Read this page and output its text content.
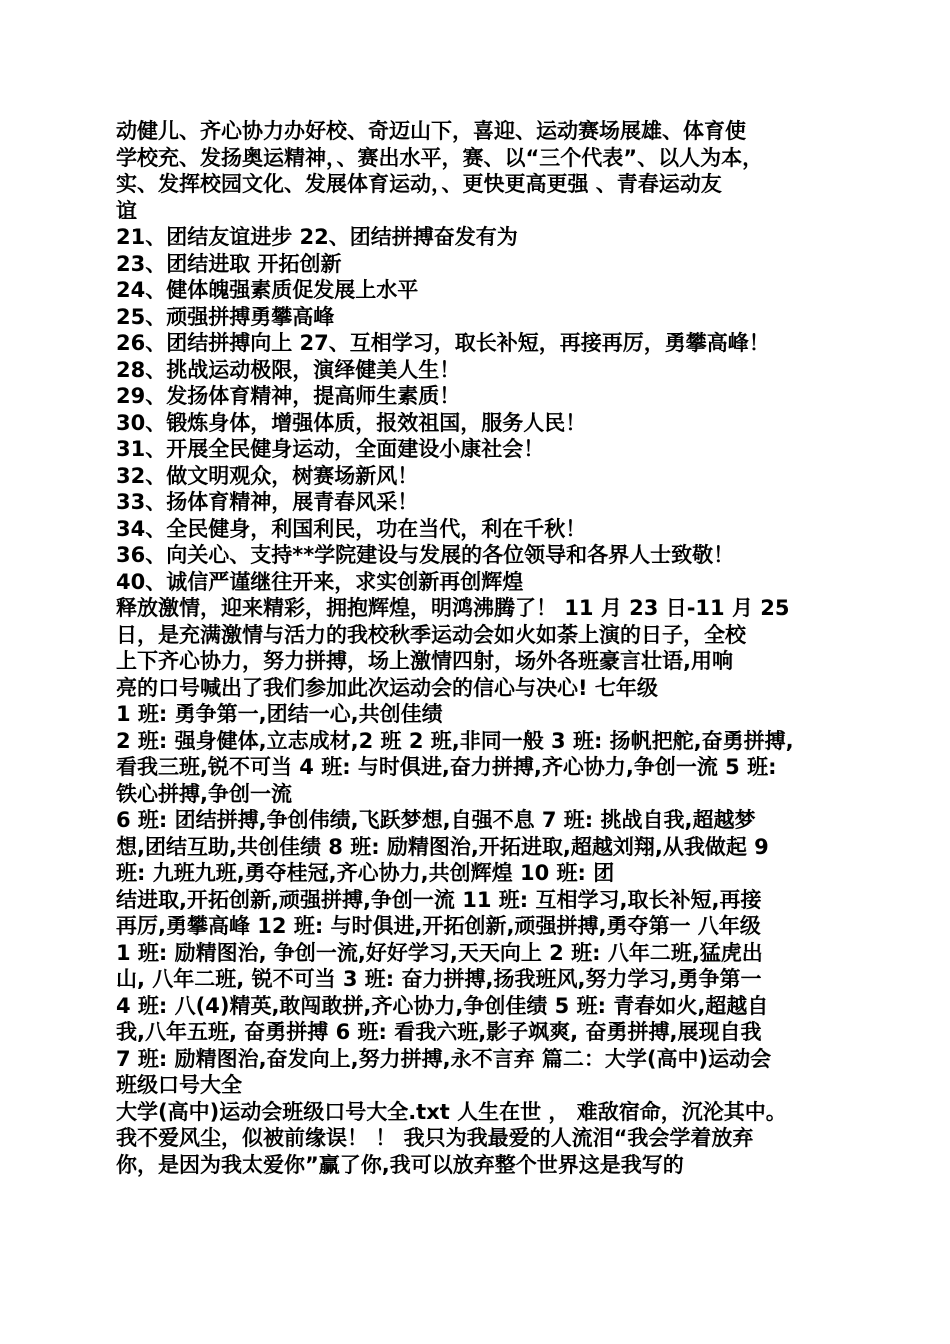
动健儿、齐心协力办好校、奇迈山下，喜迎、运动赛场展雄、体育使
学校充、发扬奥运精神，、赛出水平，赛、以“三个代表”、以人为本，
实、发挥校园文化、发展体育运动，、更快更高更强 、青春运动友
谊
21、团结友谊进步 22、团结拼搏奋发有为
23、团结进取 开拓创新
24、健体魄强素质促发展上水平
25、顽强拼搏勇攀高峰
26、团结拼搏向上 27、互相学习，取长补短，再接再厉，勇攀高峰！
28、挑战运动极限，演绎健美人生！
29、发扬体育精神，提高师生素质！
30、锻炼身体，增强体质，报效祖国，服务人民！
31、开展全民健身运动，全面建设小康社会！
32、做文明观众，树赛场新风！
33、扬体育精神，展青春风采！
34、全民健身，利国利民，功在当代，利在千秋！
36、向关心、支持**学院建设与发展的各位领导和各界人士致敬！
40、诚信严谨继往开来，求实创新再创辉煌
释放激情，迎来精彩，拥抱辉煌，明鸿沸腾了！ 11 月 23 日-11 月 25
日，是充满激情与活力的我校秋季运动会如火如荼上演的日子，全校
上下齐心协力，努力拼搏，场上激情四射，场外各班豪言壮语,用响
亮的口号喊出了我们参加此次运动会的信心与决心! 七年级
1 班: 勇争第一,团结一心,共创佳绩
2 班: 强身健体,立志成材,2 班 2 班,非同一般 3 班: 扬帆把舵,奋勇拼搏,
看我三班,锐不可当 4 班: 与时俱进,奋力拼搏,齐心协力,争创一流 5 班:
铁心拼搏,争创一流
6 班: 团结拼搏,争创伟绩,飞跃梦想,自强不息 7 班: 挑战自我,超越梦
想,团结互助,共创佳绩 8 班: 励精图治,开拓进取,超越刘翔,从我做起 9
班: 九班九班,勇夺桂冠,齐心协力,共创辉煌 10 班: 团
结进取,开拓创新,顽强拼搏,争创一流 11 班: 互相学习,取长补短,再接
再厉,勇攀高峰 12 班: 与时俱进,开拓创新,顽强拼搏,勇夺第一 八年级
1 班: 励精图治, 争创一流,好好学习,天天向上 2 班: 八年二班,猛虎出
山, 八年二班, 锐不可当 3 班: 奋力拼搏,扬我班风,努力学习,勇争第一
4 班: 八(4)精英,敢闯敢拼,齐心协力,争创佳绩 5 班: 青春如火,超越自
我,八年五班, 奋勇拼搏 6 班: 看我六班,影子飒爽, 奋勇拼搏,展现自我
7 班: 励精图治,奋发向上,努力拼搏,永不言弃 篇二：大学(高中)运动会
班级口号大全
大学(高中)运动会班级口号大全.txt 人生在世 ， 难敌宿命，沉沦其中。
我不爱风尘，似被前缘误！ ！ 我只为我最爱的人流泪“我会学着放弃
你，是因为我太爱你”赢了你,我可以放弃整个世界这是我写的
